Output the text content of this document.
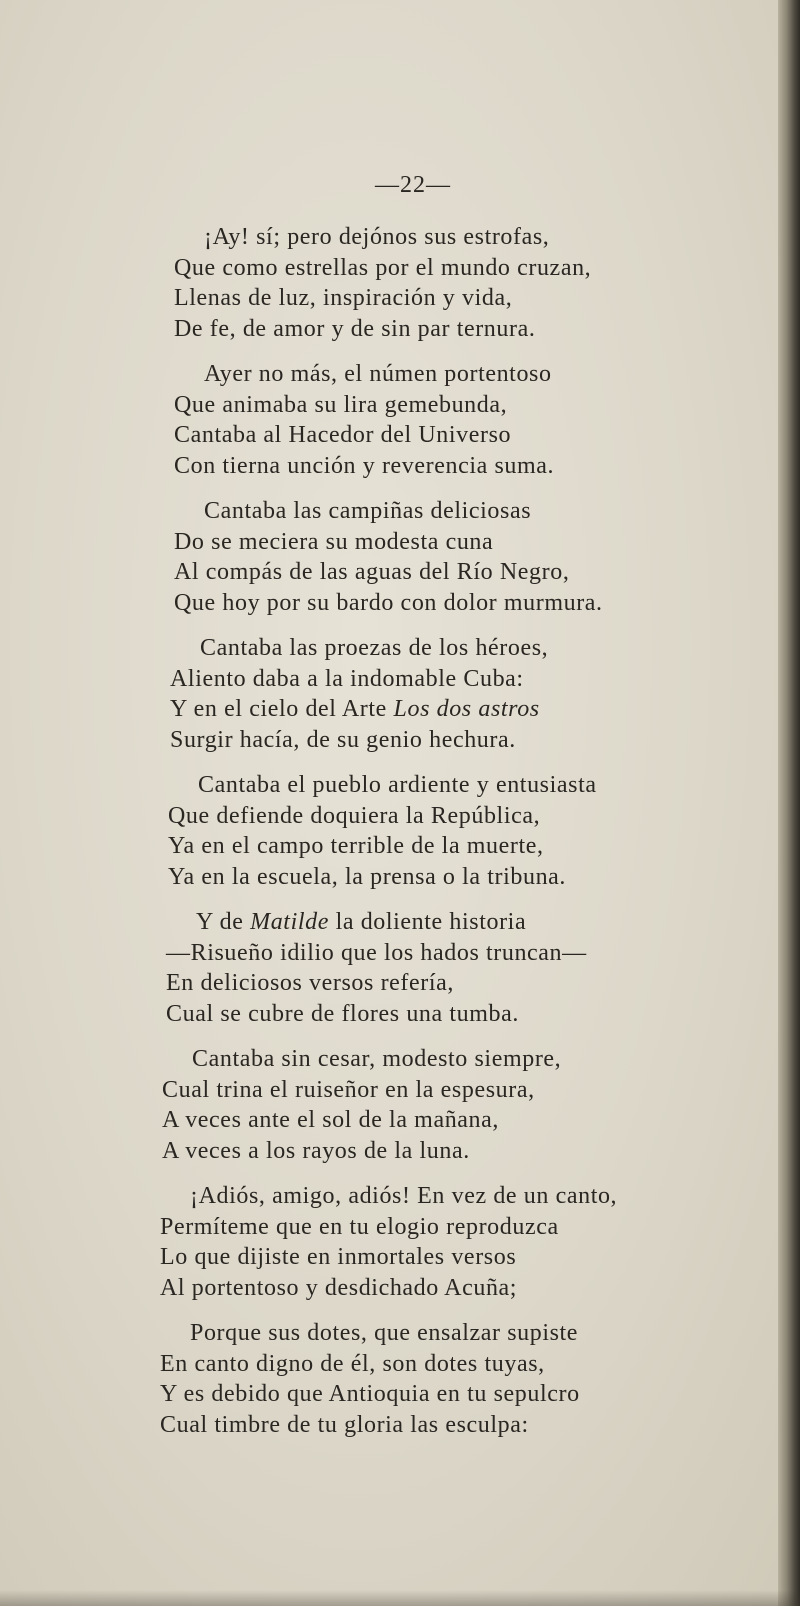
—22—
¡Ay! sí; pero dejónos sus estrofas,
Que como estrellas por el mundo cruzan,
Llenas de luz, inspiración y vida,
De fe, de amor y de sin par ternura.
Ayer no más, el númen portentoso
Que animaba su lira gemebunda,
Cantaba al Hacedor del Universo
Con tierna unción y reverencia suma.
Cantaba las campiñas deliciosas
Do se meciera su modesta cuna
Al compás de las aguas del Río Negro,
Que hoy por su bardo con dolor murmura.
Cantaba las proezas de los héroes,
Aliento daba a la indomable Cuba:
Y en el cielo del Arte Los dos astros
Surgir hacía, de su genio hechura.
Cantaba el pueblo ardiente y entusiasta
Que defiende doquiera la República,
Ya en el campo terrible de la muerte,
Ya en la escuela, la prensa o la tribuna.
Y de Matilde la doliente historia
—Risueño idilio que los hados truncan—
En deliciosos versos refería,
Cual se cubre de flores una tumba.
Cantaba sin cesar, modesto siempre,
Cual trina el ruiseñor en la espesura,
A veces ante el sol de la mañana,
A veces a los rayos de la luna.
¡Adiós, amigo, adiós! En vez de un canto,
Permíteme que en tu elogio reproduzca
Lo que dijiste en inmortales versos
Al portentoso y desdichado Acuña;
Porque sus dotes, que ensalzar supiste
En canto digno de él, son dotes tuyas,
Y es debido que Antioquia en tu sepulcro
Cual timbre de tu gloria las esculpa:
